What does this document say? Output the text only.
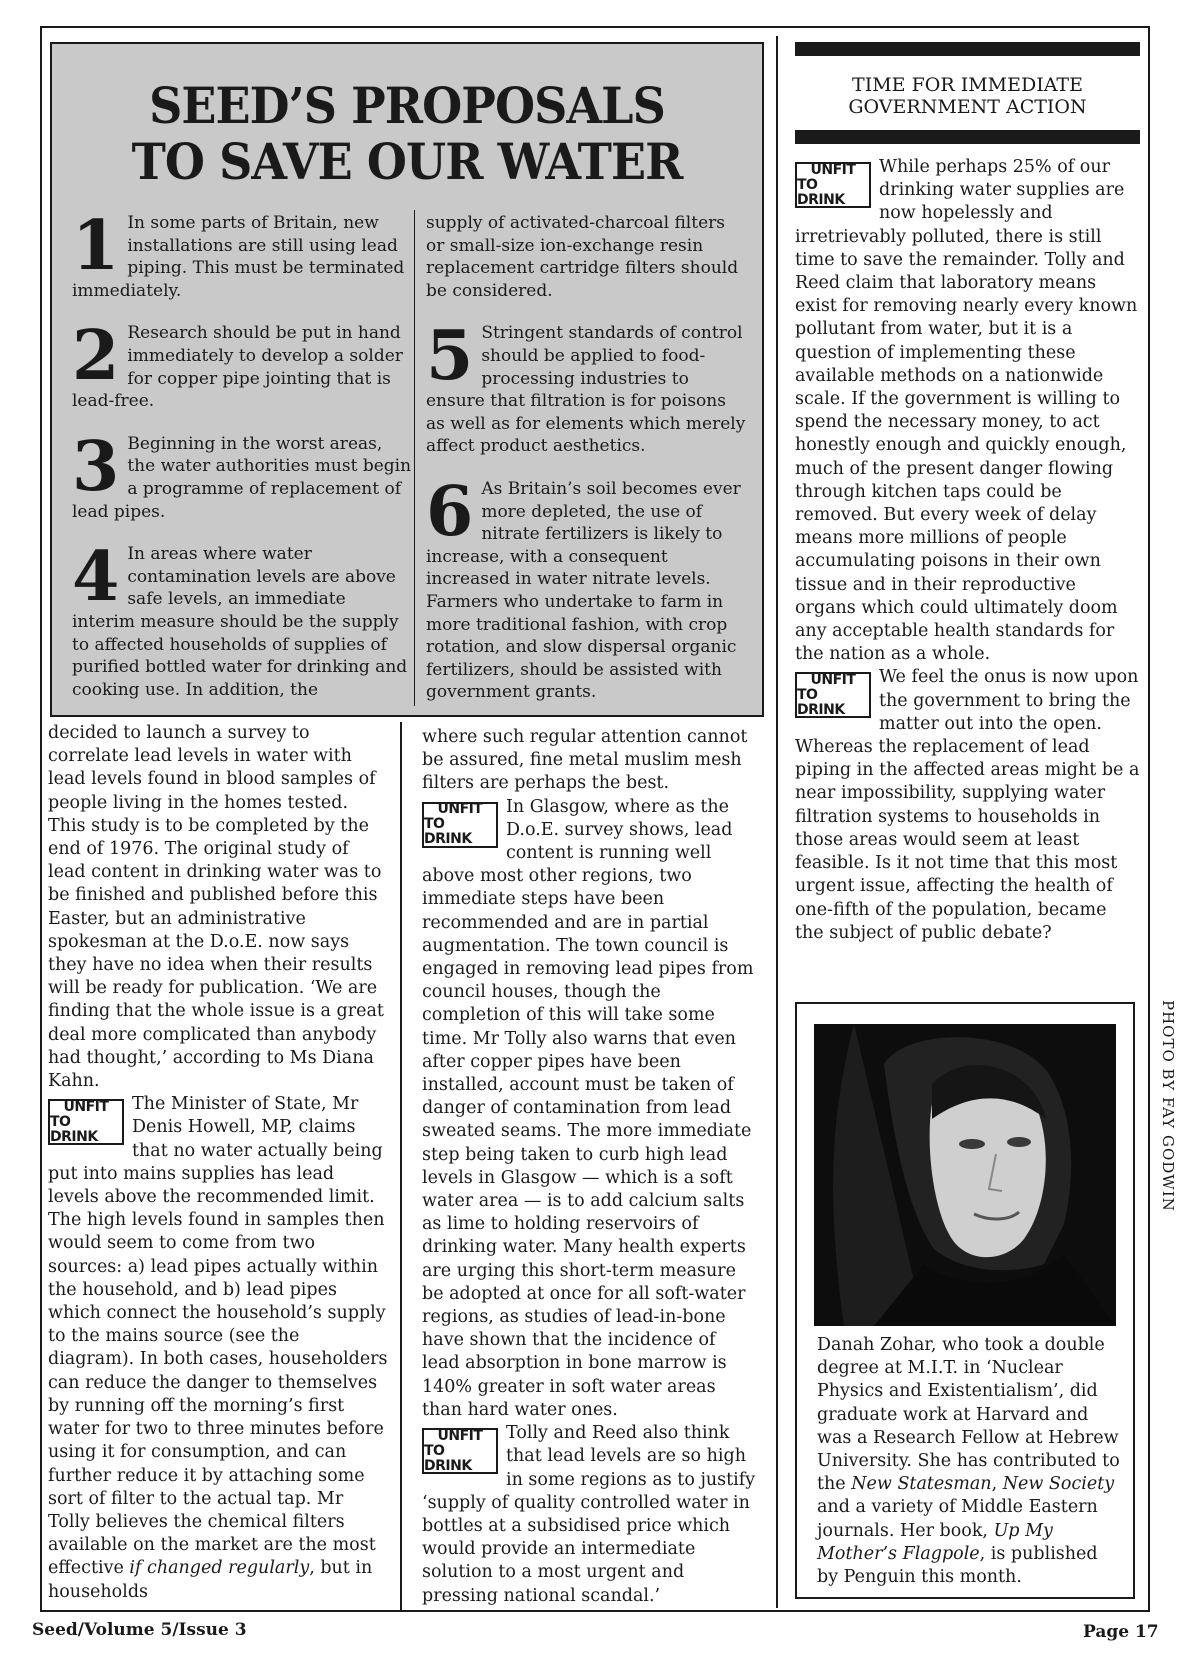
SEED’S PROPOSALS
TO SAVE OUR WATER
1 In some parts of Britain, new installations are still using lead piping. This must be terminated immediately.

2 Research should be put in hand immediately to develop a solder for copper pipe jointing that is lead-free.

3 Beginning in the worst areas, the water authorities must begin a programme of replacement of lead pipes.

4 In areas where water contamination levels are above safe levels, an immediate interim measure should be the supply to affected households of supplies of purified bottled water for drinking and cooking use. In addition, the

supply of activated-charcoal filters or small-size ion-exchange resin replacement cartridge filters should be considered.

5 Stringent standards of control should be applied to food-processing industries to ensure that filtration is for poisons as well as for elements which merely affect product aesthetics.

6 As Britain’s soil becomes ever more depleted, the use of nitrate fertilizers is likely to increase, with a consequent increased in water nitrate levels. Farmers who undertake to farm in more traditional fashion, with crop rotation, and slow dispersal organic fertilizers, should be assisted with government grants.

decided to launch a survey to correlate lead levels in water with lead levels found in blood samples of people living in the homes tested. This study is to be completed by the end of 1976. The original study of lead content in drinking water was to be finished and published before this Easter, but an administrative spokesman at the D.o.E. now says they have no idea when their results will be ready for publication. ‘We are finding that the whole issue is a great deal more complicated than anybody had thought,’ according to Ms Diana Kahn.

UNFIT
TO DRINK

The Minister of State, Mr Denis Howell, MP, claims that no water actually being put into mains supplies has lead levels above the recommended limit. The high levels found in samples then would seem to come from two sources: a) lead pipes actually within the household, and b) lead pipes which connect the household’s supply to the mains source (see the diagram). In both cases, householders can reduce the danger to themselves by running off the morning’s first water for two to three minutes before using it for consumption, and can further reduce it by attaching some sort of filter to the actual tap. Mr Tolly believes the chemical filters available on the market are the most effective if changed regularly, but in households

where such regular attention cannot be assured, fine metal muslim mesh filters are perhaps the best.

UNFIT
TO DRINK

In Glasgow, where as the D.o.E. survey shows, lead content is running well above most other regions, two immediate steps have been recommended and are in partial augmentation. The town council is engaged in removing lead pipes from council houses, though the completion of this will take some time. Mr Tolly also warns that even after copper pipes have been installed, account must be taken of danger of contamination from lead sweated seams. The more immediate step being taken to curb high lead levels in Glasgow — which is a soft water area — is to add calcium salts as lime to holding reservoirs of drinking water. Many health experts are urging this short-term measure be adopted at once for all soft-water regions, as studies of lead-in-bone have shown that the incidence of lead absorption in bone marrow is 140% greater in soft water areas than hard water ones.

UNFIT
TO DRINK

Tolly and Reed also think that lead levels are so high in some regions as to justify ‘supply of quality controlled water in bottles at a subsidised price which would provide an intermediate solution to a most urgent and pressing national scandal.’

TIME FOR IMMEDIATE
GOVERNMENT ACTION
UNFIT
TO DRINK

While perhaps 25% of our drinking water supplies are now hopelessly and irretrievably polluted, there is still time to save the remainder. Tolly and Reed claim that laboratory means exist for removing nearly every known pollutant from water, but it is a question of implementing these available methods on a nationwide scale. If the government is willing to spend the necessary money, to act honestly enough and quickly enough, much of the present danger flowing through kitchen taps could be removed. But every week of delay means more millions of people accumulating poisons in their own tissue and in their reproductive organs which could ultimately doom any acceptable health standards for the nation as a whole.

UNFIT
TO DRINK

We feel the onus is now upon the government to bring the matter out into the open. Whereas the replacement of lead piping in the affected areas might be a near impossibility, supplying water filtration systems to households in those areas would seem at least feasible. Is it not time that this most urgent issue, affecting the health of one-fifth of the population, became the subject of public debate?

Danah Zohar, who took a double degree at M.I.T. in ‘Nuclear Physics and Existentialism’, did graduate work at Harvard and was a Research Fellow at Hebrew University. She has contributed to the New Statesman, New Society and a variety of Middle Eastern journals. Her book, Up My Mother’s Flagpole, is published by Penguin this month.

PHOTO BY FAY GODWIN
Seed/Volume 5/Issue 3	Page 17
